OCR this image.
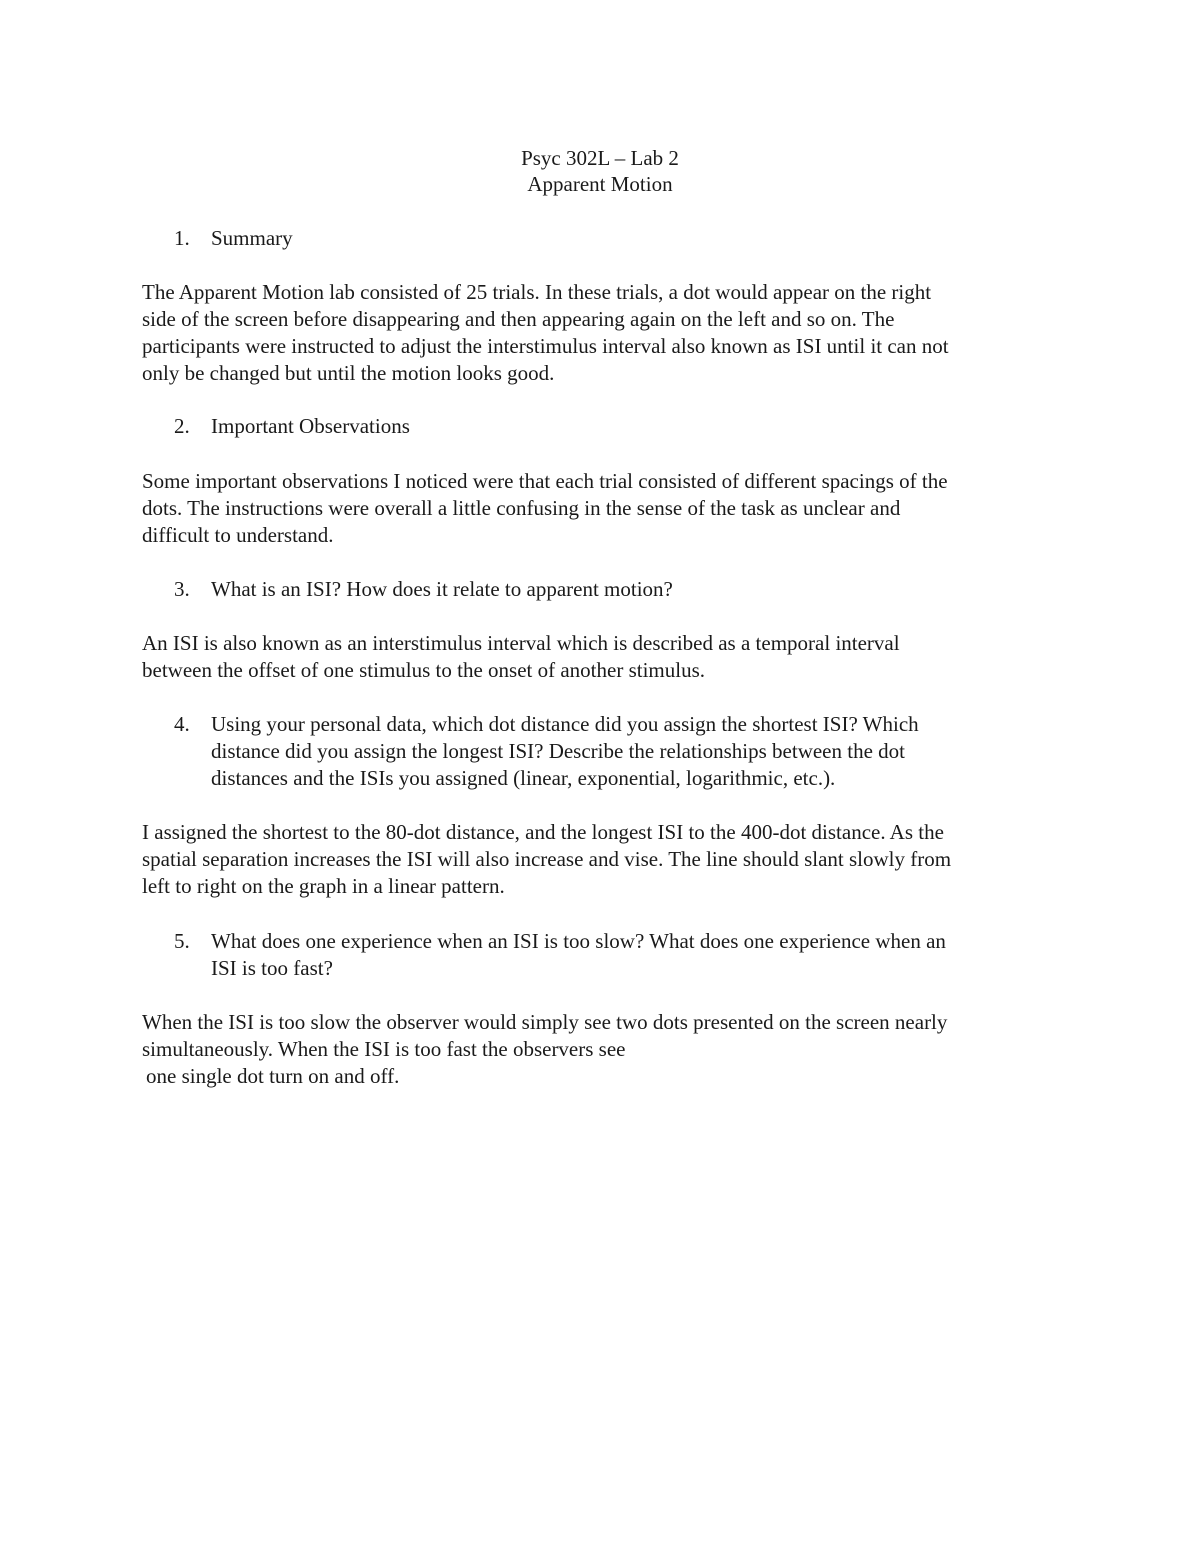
Psyc 302L – Lab 2
Apparent Motion
1.	Summary
The Apparent Motion lab consisted of 25 trials. In these trials, a dot would appear on the right
side of the screen before disappearing and then appearing again on the left and so on. The
participants were instructed to adjust the interstimulus interval also known as ISI until it can not
only be changed but until the motion looks good.
2.	Important Observations
Some important observations I noticed were that each trial consisted of different spacings of the
dots. The instructions were overall a little confusing in the sense of the task as unclear and
difficult to understand.
3.	What is an ISI? How does it relate to apparent motion?
An ISI is also known as an interstimulus interval which is described as a temporal interval
between the offset of one stimulus to the onset of another stimulus.
4.	Using your personal data, which dot distance did you assign the shortest ISI? Which
distance did you assign the longest ISI? Describe the relationships between the dot
distances and the ISIs you assigned (linear, exponential, logarithmic, etc.).
I assigned the shortest to the 80-dot distance, and the longest ISI to the 400-dot distance. As the
spatial separation increases the ISI will also increase and vise. The line should slant slowly from
left to right on the graph in a linear pattern.
5.	What does one experience when an ISI is too slow? What does one experience when an
ISI is too fast?
When the ISI is too slow the observer would simply see two dots presented on the screen nearly
simultaneously. When the ISI is too fast the observers see
one single dot turn on and off.
